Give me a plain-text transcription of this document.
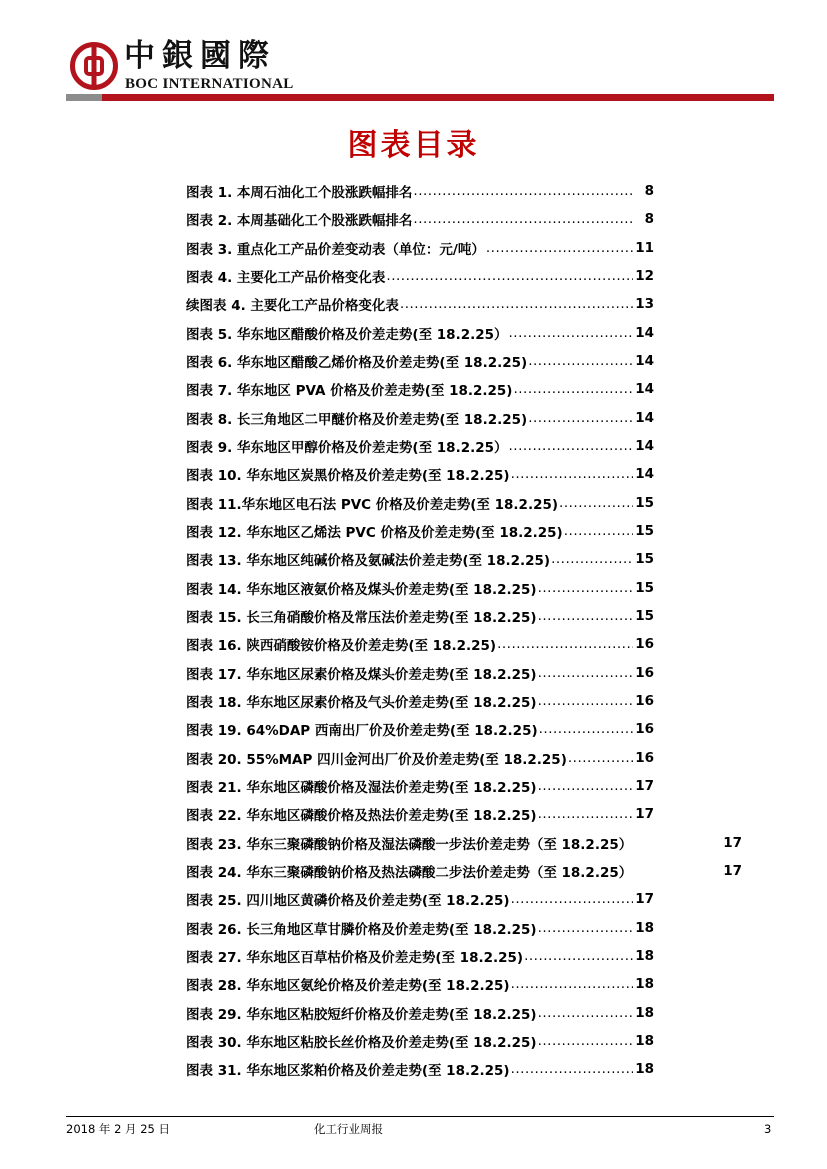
中銀國際
BOC INTERNATIONAL
图表目录
图表 1. 本周石油化工个股涨跌幅排名 .....	8
图表 2. 本周基础化工个股涨跌幅排名 .....	8
图表 3. 重点化工产品价差变动表（单位：元/吨） .....	11
图表 4. 主要化工产品价格变化表 .....	12
续图表 4. 主要化工产品价格变化表 .....	13
图表 5. 华东地区醋酸价格及价差走势(至 18.2.25） .....	14
图表 6. 华东地区醋酸乙烯价格及价差走势(至 18.2.25) .....	14
图表 7. 华东地区 PVA 价格及价差走势(至 18.2.25) .....	14
图表 8. 长三角地区二甲醚价格及价差走势(至 18.2.25) .....	14
图表 9. 华东地区甲醇价格及价差走势(至 18.2.25） .....	14
图表 10. 华东地区炭黑价格及价差走势(至 18.2.25) .....	14
图表 11.华东地区电石法 PVC 价格及价差走势(至 18.2.25) .....	15
图表 12. 华东地区乙烯法 PVC 价格及价差走势(至 18.2.25) .....	15
图表 13. 华东地区纯碱价格及氨碱法价差走势(至 18.2.25) .....	15
图表 14. 华东地区液氨价格及煤头价差走势(至 18.2.25) .....	15
图表 15. 长三角硝酸价格及常压法价差走势(至 18.2.25) .....	15
图表 16. 陕西硝酸铵价格及价差走势(至 18.2.25) .....	16
图表 17. 华东地区尿素价格及煤头价差走势(至 18.2.25) .....	16
图表 18. 华东地区尿素价格及气头价差走势(至 18.2.25) .....	16
图表 19. 64%DAP 西南出厂价及价差走势(至 18.2.25) .....	16
图表 20. 55%MAP 四川金河出厂价及价差走势(至 18.2.25) .....	16
图表 21. 华东地区磷酸价格及湿法价差走势(至 18.2.25) .....	17
图表 22. 华东地区磷酸价格及热法价差走势(至 18.2.25) .....	17
图表 23. 华东三聚磷酸钠价格及湿法磷酸一步法价差走势（至 18.2.25）	17
图表 24. 华东三聚磷酸钠价格及热法磷酸二步法价差走势（至 18.2.25）	17
图表 25. 四川地区黄磷价格及价差走势(至 18.2.25) .....	17
图表 26. 长三角地区草甘膦价格及价差走势(至 18.2.25) .....	18
图表 27. 华东地区百草枯价格及价差走势(至 18.2.25) .....	18
图表 28. 华东地区氨纶价格及价差走势(至 18.2.25) .....	18
图表 29. 华东地区粘胶短纤价格及价差走势(至 18.2.25) .....	18
图表 30. 华东地区粘胶长丝价格及价差走势(至 18.2.25) .....	18
图表 31. 华东地区浆粕价格及价差走势(至 18.2.25) .....	18
2018 年 2 月 25 日	化工行业周报	3
